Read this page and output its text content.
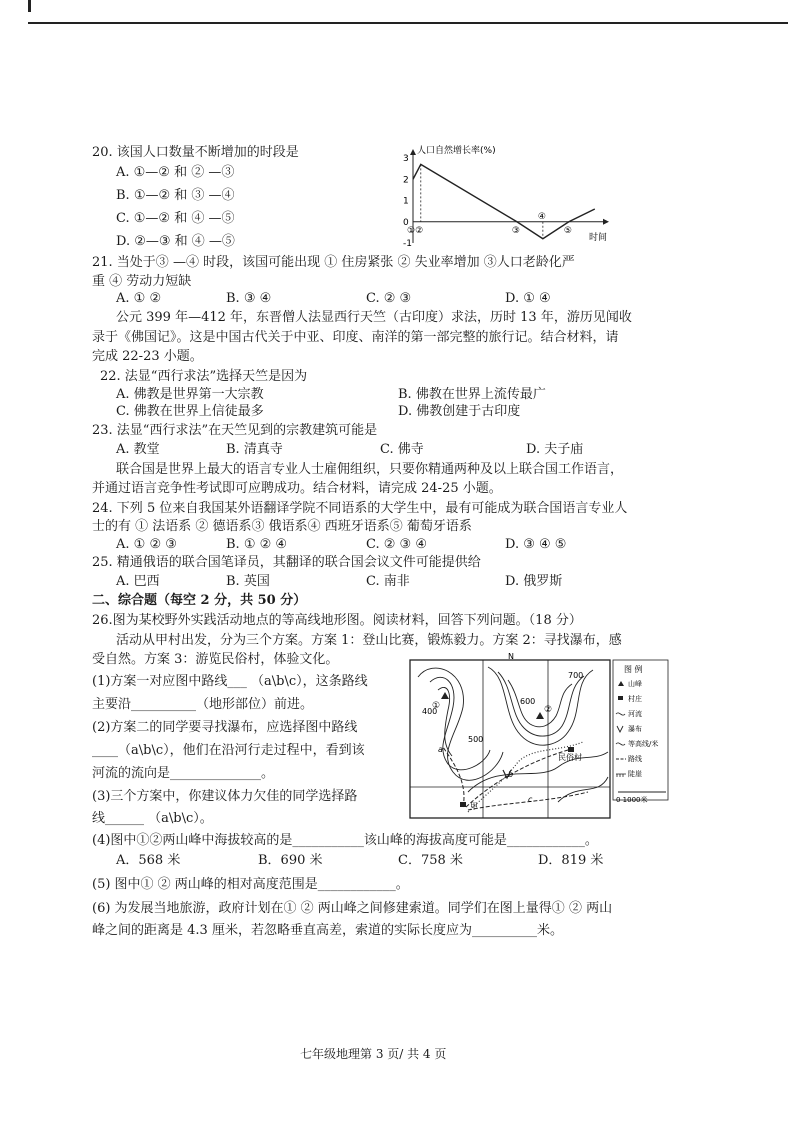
20. 该国人口数量不断增加的时段是
A. ①—② 和 ② —③
B. ①—② 和 ③ —④
C. ①—② 和 ④ —⑤
D. ②—③ 和 ④ —⑤
人口自然增长率(%)
3
2
1
0
-1
①②	③
④
⑤
时间
21. 当处于③ —④ 时段，该国可能出现 ① 住房紧张 ② 失业率增加 ③人口老龄化严
重 ④ 劳动力短缺
A. ① ②	B. ③ ④	C. ② ③	D. ① ④
公元 399 年—412 年，东晋僧人法显西行天竺（古印度）求法，历时 13 年，游历见闻收
录于《佛国记》。这是中国古代关于中亚、印度、南洋的第一部完整的旅行记。结合材料，请
完成 22-23 小题。
22. 法显“西行求法”选择天竺是因为
A. 佛教是世界第一大宗教	B. 佛教在世界上流传最广
C. 佛教在世界上信徒最多	D. 佛教创建于古印度
23. 法显“西行求法”在天竺见到的宗教建筑可能是
A. 教堂	B. 清真寺	C. 佛寺	D. 夫子庙
联合国是世界上最大的语言专业人士雇佣组织，只要你精通两种及以上联合国工作语言，
并通过语言竞争性考试即可应聘成功。结合材料，请完成 24-25 小题。
24. 下列 5 位来自我国某外语翻译学院不同语系的大学生中，最有可能成为联合国语言专业人
士的有 ① 法语系 ② 德语系③ 俄语系④ 西班牙语系⑤ 葡萄牙语系
A. ① ② ③	B. ① ② ④	C. ② ③ ④	D. ③ ④ ⑤
25. 精通俄语的联合国笔译员，其翻译的联合国会议文件可能提供给
A. 巴西	B. 英国	C. 南非	D. 俄罗斯
二、综合题（每空 2 分，共 50 分）
26.图为某校野外实践活动地点的等高线地形图。阅读材料，回答下列问题。（18 分）
活动从甲村出发，分为三个方案。方案 1：登山比赛，锻炼毅力。方案 2：寻找瀑布，感
受自然。方案 3：游览民俗村，体验文化。
(1)方案一对应图中路线___ （a\b\c），这条路线
主要沿__________（地形部位）前进。
(2)方案二的同学要寻找瀑布，应选择图中路线
____（a\b\c），他们在沿河行走过程中，看到该
河流的流向是______________。
(3)三个方案中，你建议体力欠佳的同学选择路
线______ （a\b\c）。
N
①	②
400
500
600
700
甲
民俗村
a
b
c
图 例
山峰
村庄
河流
瀑布
等高线/米
路线
陡崖
0 1000米
(4)图中①②两山峰中海拔较高的是___________该山峰的海拔高度可能是____________。
A．568 米	B．690 米	C．758 米	D．819 米
(5) 图中① ② 两山峰的相对高度范围是____________。
(6) 为发展当地旅游，政府计划在① ② 两山峰之间修建索道。同学们在图上量得① ② 两山
峰之间的距离是 4.3 厘米，若忽略垂直高差，索道的实际长度应为__________米。
七年级地理第 3 页/ 共 4 页
